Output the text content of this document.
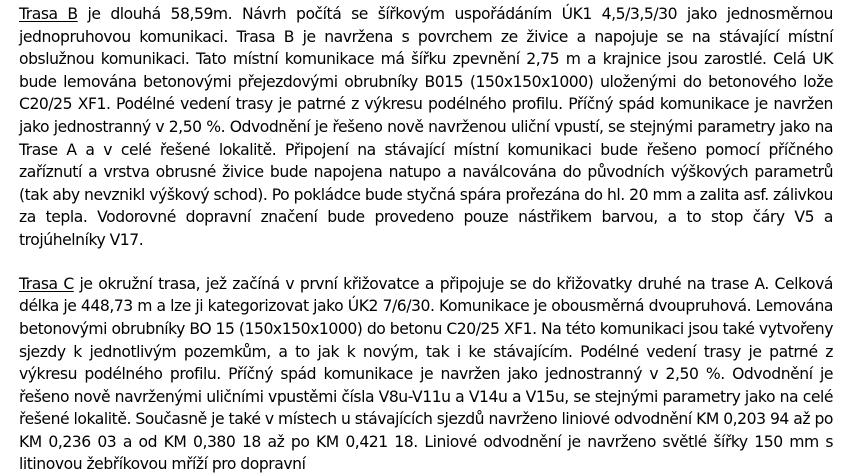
Trasa B je dlouhá 58,59m. Návrh počítá se šířkovým uspořádáním ÚK1 4,5/3,5/30 jako jednosměrnou jednopruhovou komunikaci. Trasa B je navržena s povrchem ze živice a napojuje se na stávající místní obslužnou komunikaci. Tato místní komunikace má šířku zpevnění 2,75 m a krajnice jsou zarostlé. Celá UK bude lemována betonovými přejezdovými obrubníky B015 (150x150x1000) uloženými do betonového lože C20/25 XF1. Podélné vedení trasy je patrné z výkresu podélného profilu. Příčný spád komunikace je navržen jako jednostranný v 2,50 %. Odvodnění je řešeno nově navrženou uliční vpustí, se stejnými parametry jako na Trase A a v celé řešené lokalitě. Připojení na stávající místní komunikaci bude řešeno pomocí příčného zaříznutí a vrstva obrusné živice bude napojena natupo a naválcována do původních výškových parametrů (tak aby nevznikl výškový schod). Po pokládce bude styčná spára prořezána do hl. 20 mm a zalita asf. zálivkou za tepla. Vodorovné dopravní značení bude provedeno pouze nástřikem barvou, a to stop čáry V5 a trojúhelníky V17.

Trasa C je okružní trasa, jež začíná v první křižovatce a připojuje se do křižovatky druhé na trase A. Celková délka je 448,73 m a lze ji kategorizovat jako ÚK2 7/6/30. Komunikace je obousměrná dvoupruhová. Lemována betonovými obrubníky BO 15 (150x150x1000) do betonu C20/25 XF1. Na této komunikaci jsou také vytvořeny sjezdy k jednotlivým pozemkům, a to jak k novým, tak i ke stávajícím. Podélné vedení trasy je patrné z výkresu podélného profilu. Příčný spád komunikace je navržen jako jednostranný v 2,50 %. Odvodnění je řešeno nově navrženými uličními vpustěmi čísla V8u-V11u a V14u a V15u, se stejnými parametry jako na celé řešené lokalitě. Současně je také v místech u stávajících sjezdů navrženo liniové odvodnění KM 0,203 94 až po KM 0,236 03 a od KM 0,380 18 až po KM 0,421 18. Liniové odvodnění je navrženo světlé šířky 150 mm s litinovou žebříkovou mříží pro dopravní
